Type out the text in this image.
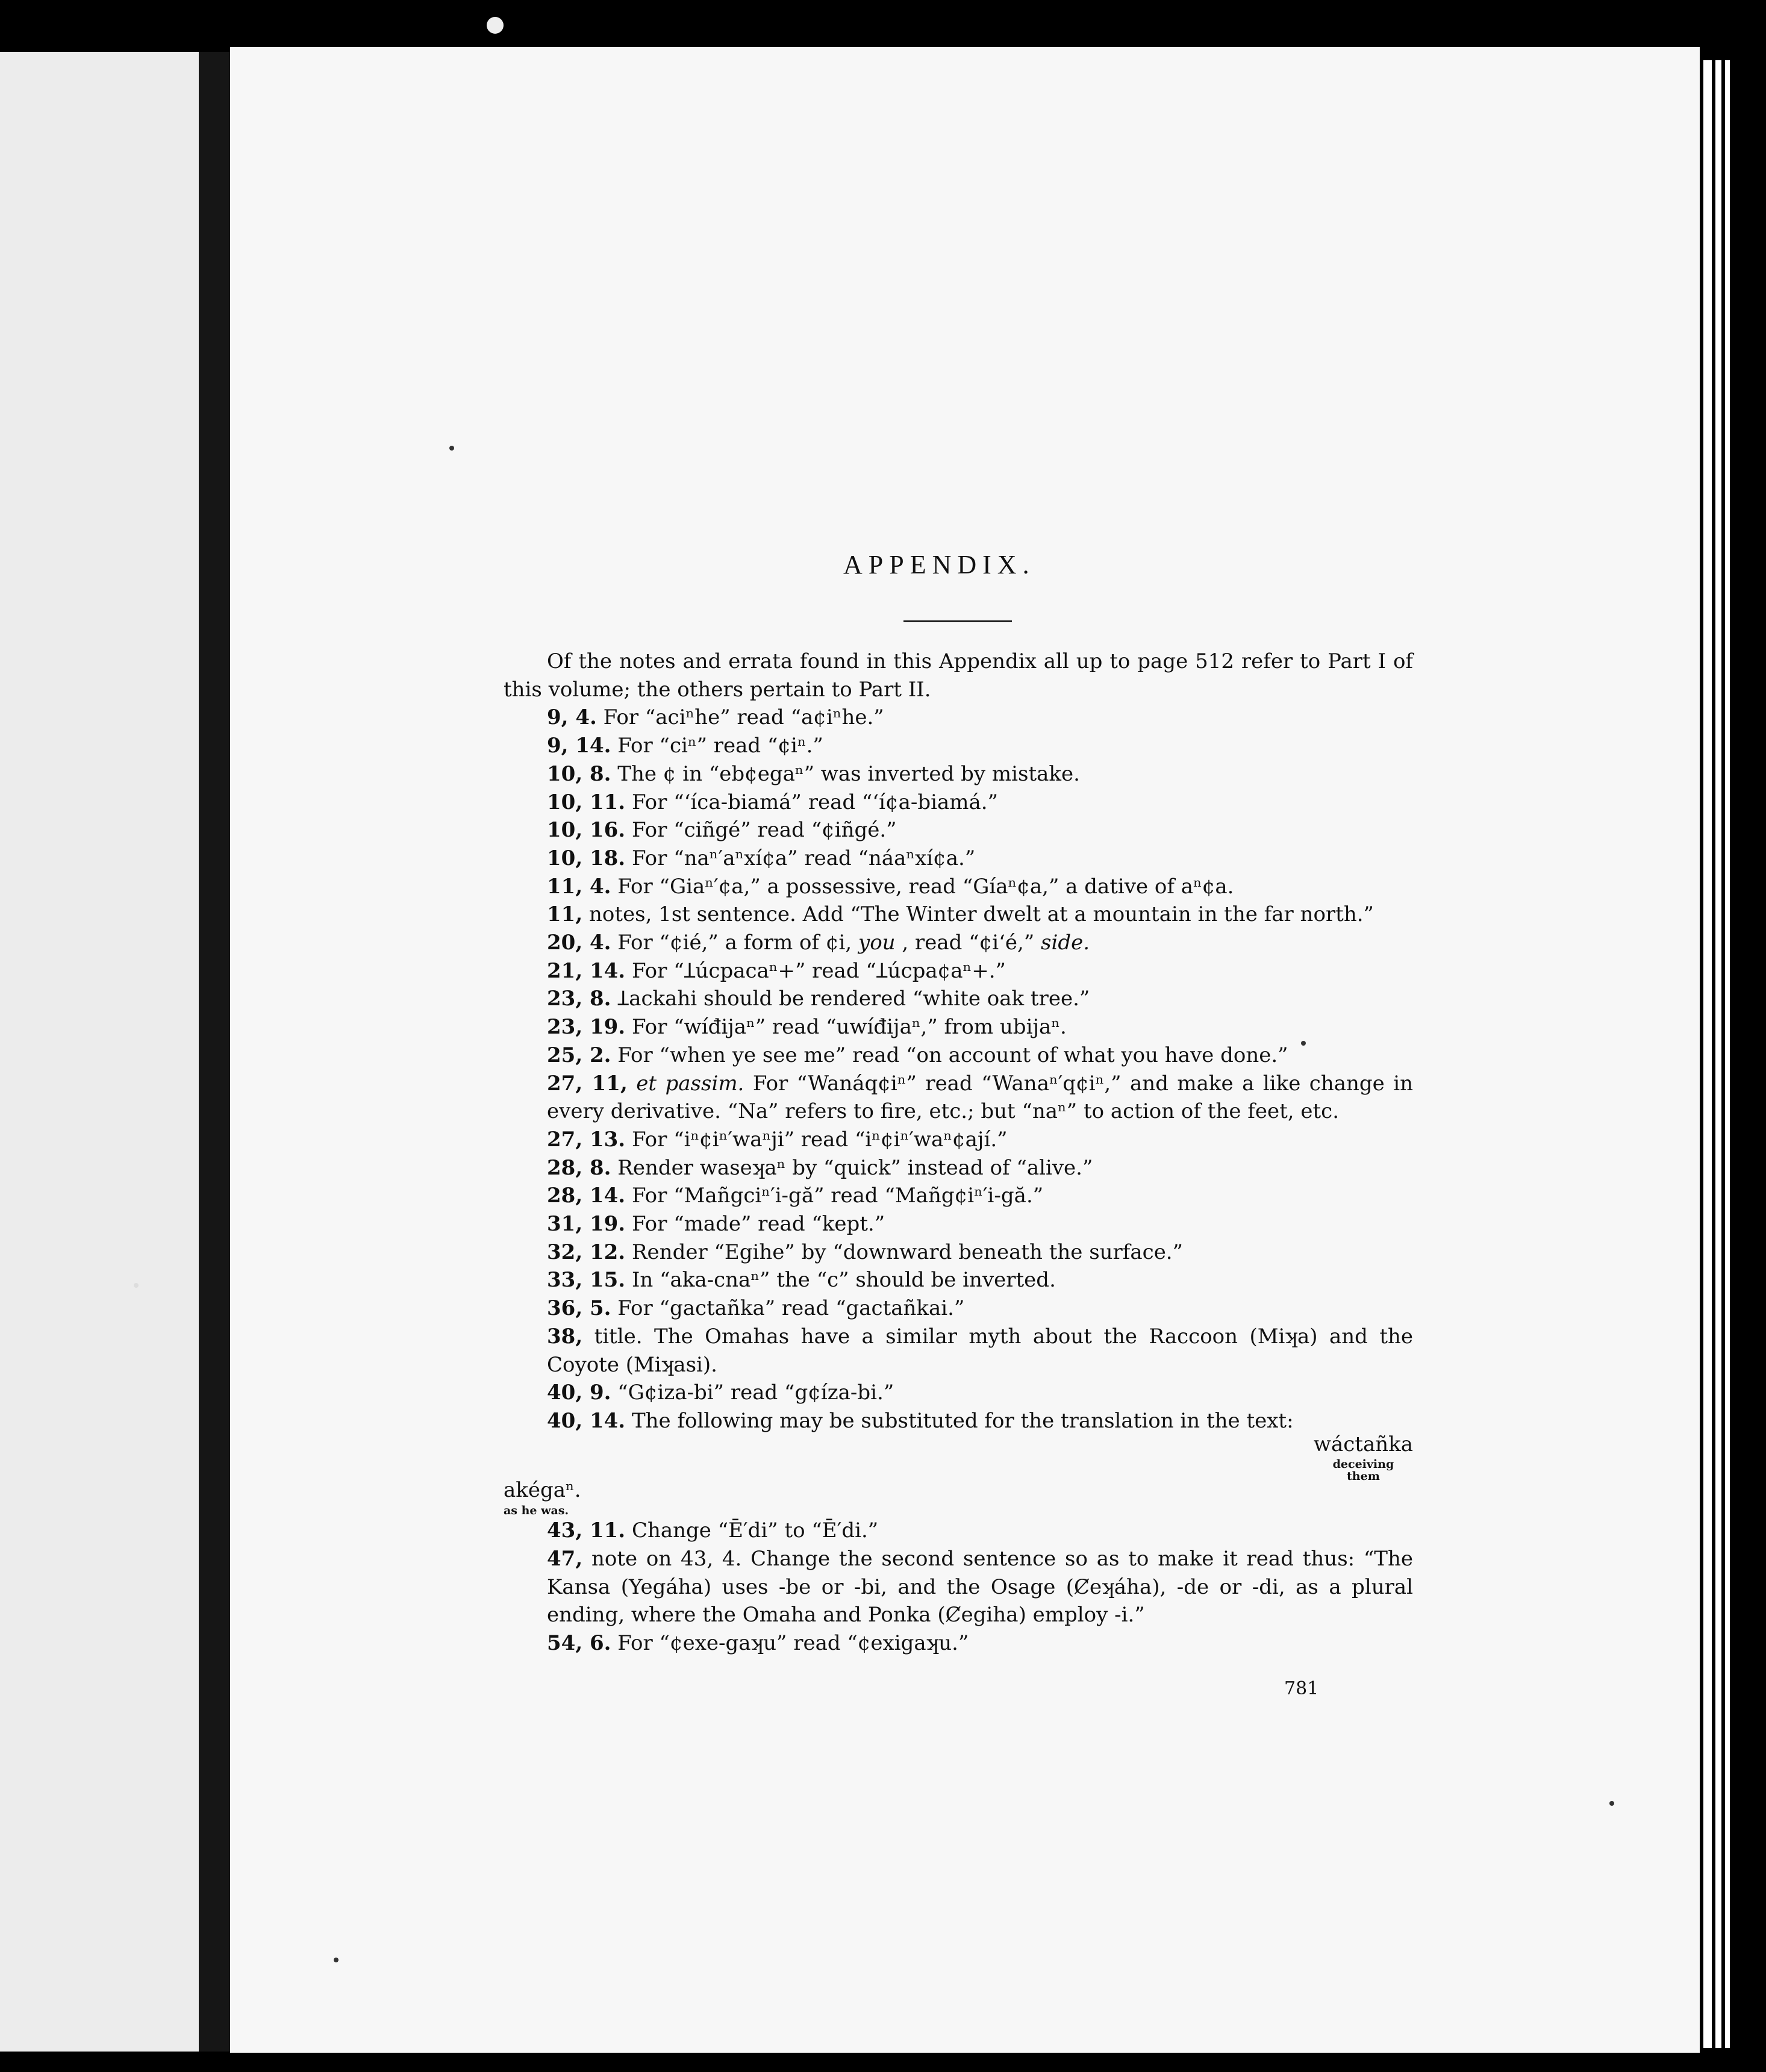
APPENDIX.

Of the notes and errata found in this Appendix all up to page 512 refer to Part I of this volume; the others pertain to Part II.

9, 4. For “aciⁿhe” read “a¢iⁿhe.”

9, 14. For “ciⁿ” read “¢iⁿ.”

10, 8. The ¢ in “eb¢egaⁿ” was inverted by mistake.

10, 11. For “‘íca-biamá” read “‘í¢a-biamá.”

10, 16. For “ciñgé” read “¢iñgé.”

10, 18. For “naⁿ′aⁿxí¢a” read “náaⁿxí¢a.”

11, 4. For “Giaⁿ′¢a,” a possessive, read “Gíaⁿ¢a,” a dative of aⁿ¢a.

11, notes, 1st sentence. Add “The Winter dwelt at a mountain in the far north.”

20, 4. For “¢ié,” a form of ¢i, you , read “¢i‘é,” side.

21, 14. For “Ʇúcpacaⁿ+” read “Ʇúcpa¢aⁿ+.”

23, 8. Ʇackahi should be rendered “white oak tree.”

23, 19. For “wíđijaⁿ” read “uwíđijaⁿ,” from ubijaⁿ.

25, 2. For “when ye see me” read “on account of what you have done.”

27, 11, et passim. For “Wanáq¢iⁿ” read “Wanaⁿ′q¢iⁿ,” and make a like change in every derivative. “Na” refers to fire, etc.; but “naⁿ” to action of the feet, etc.

27, 13. For “iⁿ¢iⁿ′waⁿji” read “iⁿ¢iⁿ′waⁿ¢ají.”

28, 8. Render waseʞaⁿ by “quick” instead of “alive.”

28, 14. For “Mañgciⁿ′i-gă” read “Mañg¢iⁿ′i-gă.”

31, 19. For “made” read “kept.”

32, 12. Render “Egihe” by “downward beneath the surface.”

33, 15. In “aka-cnaⁿ” the “c” should be inverted.

36, 5. For “gactañka” read “gactañkai.”

38, title. The Omahas have a similar myth about the Raccoon (Miʞa) and the Coyote (Miʞasi).

40, 9. “G¢iza-bi” read “g¢íza-bi.”

40, 14. The following may be substituted for the translation in the text:

wáctañka
deceiving them
akégaⁿ.
as he was.

43, 11. Change “Ē′di” to “Ē′di.”

47, note on 43, 4. Change the second sentence so as to make it read thus: “The Kansa (Yegáha) uses -be or -bi, and the Osage (Ȼeʞáha), -de or -di, as a plural ending, where the Omaha and Ponka (Ȼegiha) employ -i.”

54, 6. For “¢exe-gaʞu” read “¢exigaʞu.”

781
